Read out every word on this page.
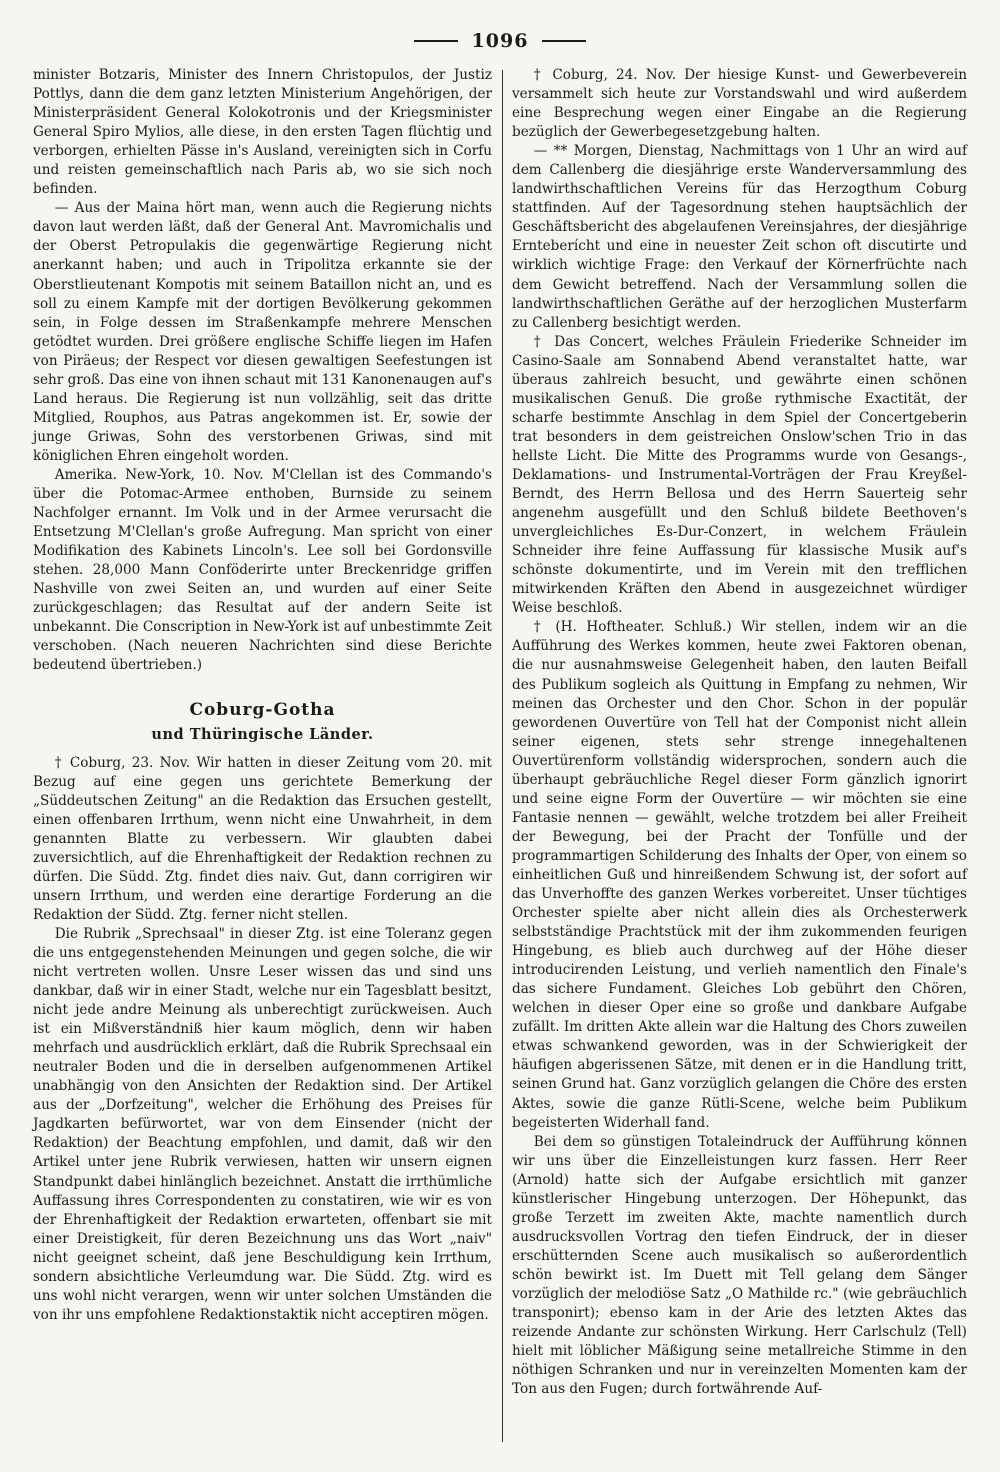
1096

minister Botzaris, Minister des Innern Christopulos, der Justiz Pottlys, dann die dem ganz letzten Ministerium Angehörigen, der Ministerpräsident General Kolokotronis und der Kriegsminister General Spiro Mylios, alle diese, in den ersten Tagen flüchtig und verborgen, erhielten Pässe in's Ausland, vereinigten sich in Corfu und reisten gemeinschaftlich nach Paris ab, wo sie sich noch befinden.

— Aus der Maina hört man, wenn auch die Regierung nichts davon laut werden läßt, daß der General Ant. Mavromichalis und der Oberst Petropulakis die gegenwärtige Regierung nicht anerkannt haben; und auch in Tripolitza erkannte sie der Oberstlieutenant Kompotis mit seinem Bataillon nicht an, und es soll zu einem Kampfe mit der dortigen Bevölkerung gekommen sein, in Folge dessen im Straßenkampfe mehrere Menschen getödtet wurden. Drei größere englische Schiffe liegen im Hafen von Piräeus; der Respect vor diesen gewaltigen Seefestungen ist sehr groß. Das eine von ihnen schaut mit 131 Kanonenaugen auf's Land heraus. Die Regierung ist nun vollzählig, seit das dritte Mitglied, Rouphos, aus Patras angekommen ist. Er, sowie der junge Griwas, Sohn des verstorbenen Griwas, sind mit königlichen Ehren eingeholt worden.

Amerika. New-York, 10. Nov. M'Clellan ist des Commando's über die Potomac-Armee enthoben, Burnside zu seinem Nachfolger ernannt. Im Volk und in der Armee verursacht die Entsetzung M'Clellan's große Aufregung. Man spricht von einer Modifikation des Kabinets Lincoln's. Lee soll bei Gordonsville stehen. 28,000 Mann Conföderirte unter Breckenridge griffen Nashville von zwei Seiten an, und wurden auf einer Seite zurückgeschlagen; das Resultat auf der andern Seite ist unbekannt. Die Conscription in New-York ist auf unbestimmte Zeit verschoben. (Nach neueren Nachrichten sind diese Berichte bedeutend übertrieben.)

Coburg-Gotha
und Thüringische Länder.

† Coburg, 23. Nov. Wir hatten in dieser Zeitung vom 20. mit Bezug auf eine gegen uns gerichtete Bemerkung der „Süddeutschen Zeitung" an die Redaktion das Ersuchen gestellt, einen offenbaren Irrthum, wenn nicht eine Unwahrheit, in dem genannten Blatte zu verbessern. Wir glaubten dabei zuversichtlich, auf die Ehrenhaftigkeit der Redaktion rechnen zu dürfen. Die Südd. Ztg. findet dies naiv. Gut, dann corrigiren wir unsern Irrthum, und werden eine derartige Forderung an die Redaktion der Südd. Ztg. ferner nicht stellen.

Die Rubrik „Sprechsaal" in dieser Ztg. ist eine Toleranz gegen die uns entgegenstehenden Meinungen und gegen solche, die wir nicht vertreten wollen. Unsre Leser wissen das und sind uns dankbar, daß wir in einer Stadt, welche nur ein Tagesblatt besitzt, nicht jede andre Meinung als unberechtigt zurückweisen. Auch ist ein Mißverständniß hier kaum möglich, denn wir haben mehrfach und ausdrücklich erklärt, daß die Rubrik Sprechsaal ein neutraler Boden und die in derselben aufgenommenen Artikel unabhängig von den Ansichten der Redaktion sind. Der Artikel aus der „Dorfzeitung", welcher die Erhöhung des Preises für Jagdkarten befürwortet, war von dem Einsender (nicht der Redaktion) der Beachtung empfohlen, und damit, daß wir den Artikel unter jene Rubrik verwiesen, hatten wir unsern eignen Standpunkt dabei hinlänglich bezeichnet. Anstatt die irrthümliche Auffassung ihres Correspondenten zu constatiren, wie wir es von der Ehrenhaftigkeit der Redaktion erwarteten, offenbart sie mit einer Dreistigkeit, für deren Bezeichnung uns das Wort „naiv" nicht geeignet scheint, daß jene Beschuldigung kein Irrthum, sondern absichtliche Verleumdung war. Die Südd. Ztg. wird es uns wohl nicht verargen, wenn wir unter solchen Umständen die von ihr uns empfohlene Redaktionstaktik nicht acceptiren mögen.

† Coburg, 24. Nov. Der hiesige Kunst- und Gewerbeverein versammelt sich heute zur Vorstandswahl und wird außerdem eine Besprechung wegen einer Eingabe an die Regierung bezüglich der Gewerbegesetzgebung halten.

— ** Morgen, Dienstag, Nachmittags von 1 Uhr an wird auf dem Callenberg die diesjährige erste Wanderversammlung des landwirthschaftlichen Vereins für das Herzogthum Coburg stattfinden. Auf der Tagesordnung stehen hauptsächlich der Geschäftsbericht des abgelaufenen Vereinsjahres, der diesjährige Ernteberícht und eine in neuester Zeit schon oft discutirte und wirklich wichtige Frage: den Verkauf der Körnerfrüchte nach dem Gewicht betreffend. Nach der Versammlung sollen die landwirthschaftlichen Geräthe auf der herzoglichen Musterfarm zu Callenberg besichtigt werden.

† Das Concert, welches Fräulein Friederike Schneider im Casino-Saale am Sonnabend Abend veranstaltet hatte, war überaus zahlreich besucht, und gewährte einen schönen musikalischen Genuß. Die große rythmische Exactität, der scharfe bestimmte Anschlag in dem Spiel der Concertgeberin trat besonders in dem geistreichen Onslow'schen Trio in das hellste Licht. Die Mitte des Programms wurde von Gesangs-, Deklamations- und Instrumental-Vorträgen der Frau Kreyßel-Berndt, des Herrn Bellosa und des Herrn Sauerteig sehr angenehm ausgefüllt und den Schluß bildete Beethoven's unvergleichliches Es-Dur-Conzert, in welchem Fräulein Schneider ihre feine Auffassung für klassische Musik auf's schönste dokumentirte, und im Verein mit den trefflichen mitwirkenden Kräften den Abend in ausgezeichnet würdiger Weise beschloß.

† (H. Hoftheater. Schluß.) Wir stellen, indem wir an die Aufführung des Werkes kommen, heute zwei Faktoren obenan, die nur ausnahmsweise Gelegenheit haben, den lauten Beifall des Publikum sogleich als Quittung in Empfang zu nehmen, Wir meinen das Orchester und den Chor. Schon in der populär gewordenen Ouvertüre von Tell hat der Componist nicht allein seiner eigenen, stets sehr strenge innegehaltenen Ouvertürenform vollständig widersprochen, sondern auch die überhaupt gebräuchliche Regel dieser Form gänzlich ignorirt und seine eigne Form der Ouvertüre — wir möchten sie eine Fantasie nennen — gewählt, welche trotzdem bei aller Freiheit der Bewegung, bei der Pracht der Tonfülle und der programmartigen Schilderung des Inhalts der Oper, von einem so einheitlichen Guß und hinreißendem Schwung ist, der sofort auf das Unverhoffte des ganzen Werkes vorbereitet. Unser tüchtiges Orchester spielte aber nicht allein dies als Orchesterwerk selbstständige Prachtstück mit der ihm zukommenden feurigen Hingebung, es blieb auch durchweg auf der Höhe dieser introducirenden Leistung, und verlieh namentlich den Finale's das sichere Fundament. Gleiches Lob gebührt den Chören, welchen in dieser Oper eine so große und dankbare Aufgabe zufällt. Im dritten Akte allein war die Haltung des Chors zuweilen etwas schwankend geworden, was in der Schwierigkeit der häufigen abgerissenen Sätze, mit denen er in die Handlung tritt, seinen Grund hat. Ganz vorzüglich gelangen die Chöre des ersten Aktes, sowie die ganze Rütli-Scene, welche beim Publikum begeisterten Widerhall fand.

Bei dem so günstigen Totaleindruck der Aufführung können wir uns über die Einzelleistungen kurz fassen. Herr Reer (Arnold) hatte sich der Aufgabe ersichtlich mit ganzer künstlerischer Hingebung unterzogen. Der Höhepunkt, das große Terzett im zweiten Akte, machte namentlich durch ausdrucksvollen Vortrag den tiefen Eindruck, der in dieser erschütternden Scene auch musikalisch so außerordentlich schön bewirkt ist. Im Duett mit Tell gelang dem Sänger vorzüglich der melodiöse Satz „O Mathilde rc." (wie gebräuchlich transponirt); ebenso kam in der Arie des letzten Aktes das reizende Andante zur schönsten Wirkung. Herr Carlschulz (Tell) hielt mit löblicher Mäßigung seine metallreiche Stimme in den nöthigen Schranken und nur in vereinzelten Momenten kam der Ton aus den Fugen; durch fortwährende Auf-
